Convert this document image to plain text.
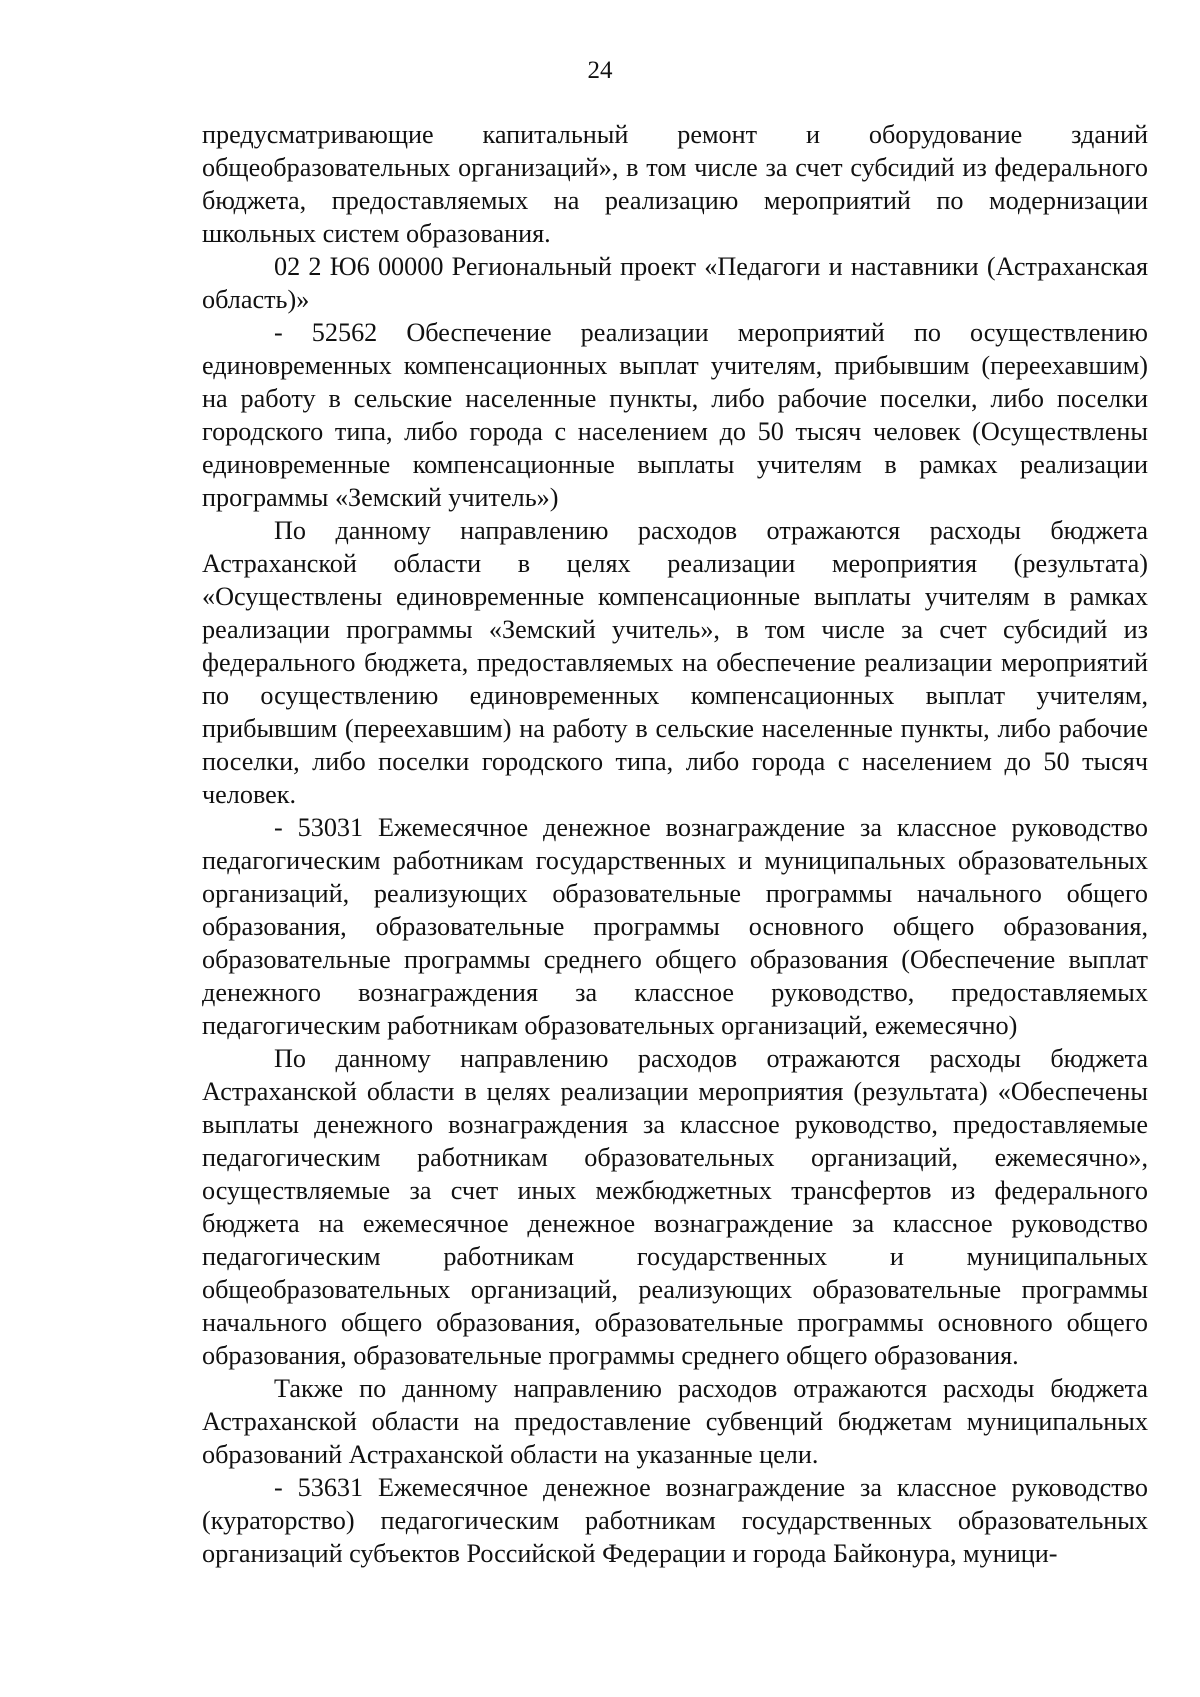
24

предусматривающие капитальный ремонт и оборудование зданий общеобразовательных организаций», в том числе за счет субсидий из федерального бюджета, предоставляемых на реализацию мероприятий по модернизации школьных систем образования.

02 2 Ю6 00000 Региональный проект «Педагоги и наставники (Астраханская область)»

- 52562 Обеспечение реализации мероприятий по осуществлению единовременных компенсационных выплат учителям, прибывшим (переехавшим) на работу в сельские населенные пункты, либо рабочие поселки, либо поселки городского типа, либо города с населением до 50 тысяч человек (Осуществлены единовременные компенсационные выплаты учителям в рамках реализации программы «Земский учитель»)

По данному направлению расходов отражаются расходы бюджета Астраханской области в целях реализации мероприятия (результата) «Осуществлены единовременные компенсационные выплаты учителям в рамках реализации программы «Земский учитель», в том числе за счет субсидий из федерального бюджета, предоставляемых на обеспечение реализации мероприятий по осуществлению единовременных компенсационных выплат учителям, прибывшим (переехавшим) на работу в сельские населенные пункты, либо рабочие поселки, либо поселки городского типа, либо города с населением до 50 тысяч человек.

- 53031 Ежемесячное денежное вознаграждение за классное руководство педагогическим работникам государственных и муниципальных образовательных организаций, реализующих образовательные программы начального общего образования, образовательные программы основного общего образования, образовательные программы среднего общего образования (Обеспечение выплат денежного вознаграждения за классное руководство, предоставляемых педагогическим работникам образовательных организаций, ежемесячно)

По данному направлению расходов отражаются расходы бюджета Астраханской области в целях реализации мероприятия (результата) «Обеспечены выплаты денежного вознаграждения за классное руководство, предоставляемые педагогическим работникам образовательных организаций, ежемесячно», осуществляемые за счет иных межбюджетных трансфертов из федерального бюджета на ежемесячное денежное вознаграждение за классное руководство педагогическим работникам государственных и муниципальных общеобразовательных организаций, реализующих образовательные программы начального общего образования, образовательные программы основного общего образования, образовательные программы среднего общего образования.

Также по данному направлению расходов отражаются расходы бюджета Астраханской области на предоставление субвенций бюджетам муниципальных образований Астраханской области на указанные цели.

- 53631 Ежемесячное денежное вознаграждение за классное руководство (кураторство) педагогическим работникам государственных образовательных организаций субъектов Российской Федерации и города Байконура, муници-
